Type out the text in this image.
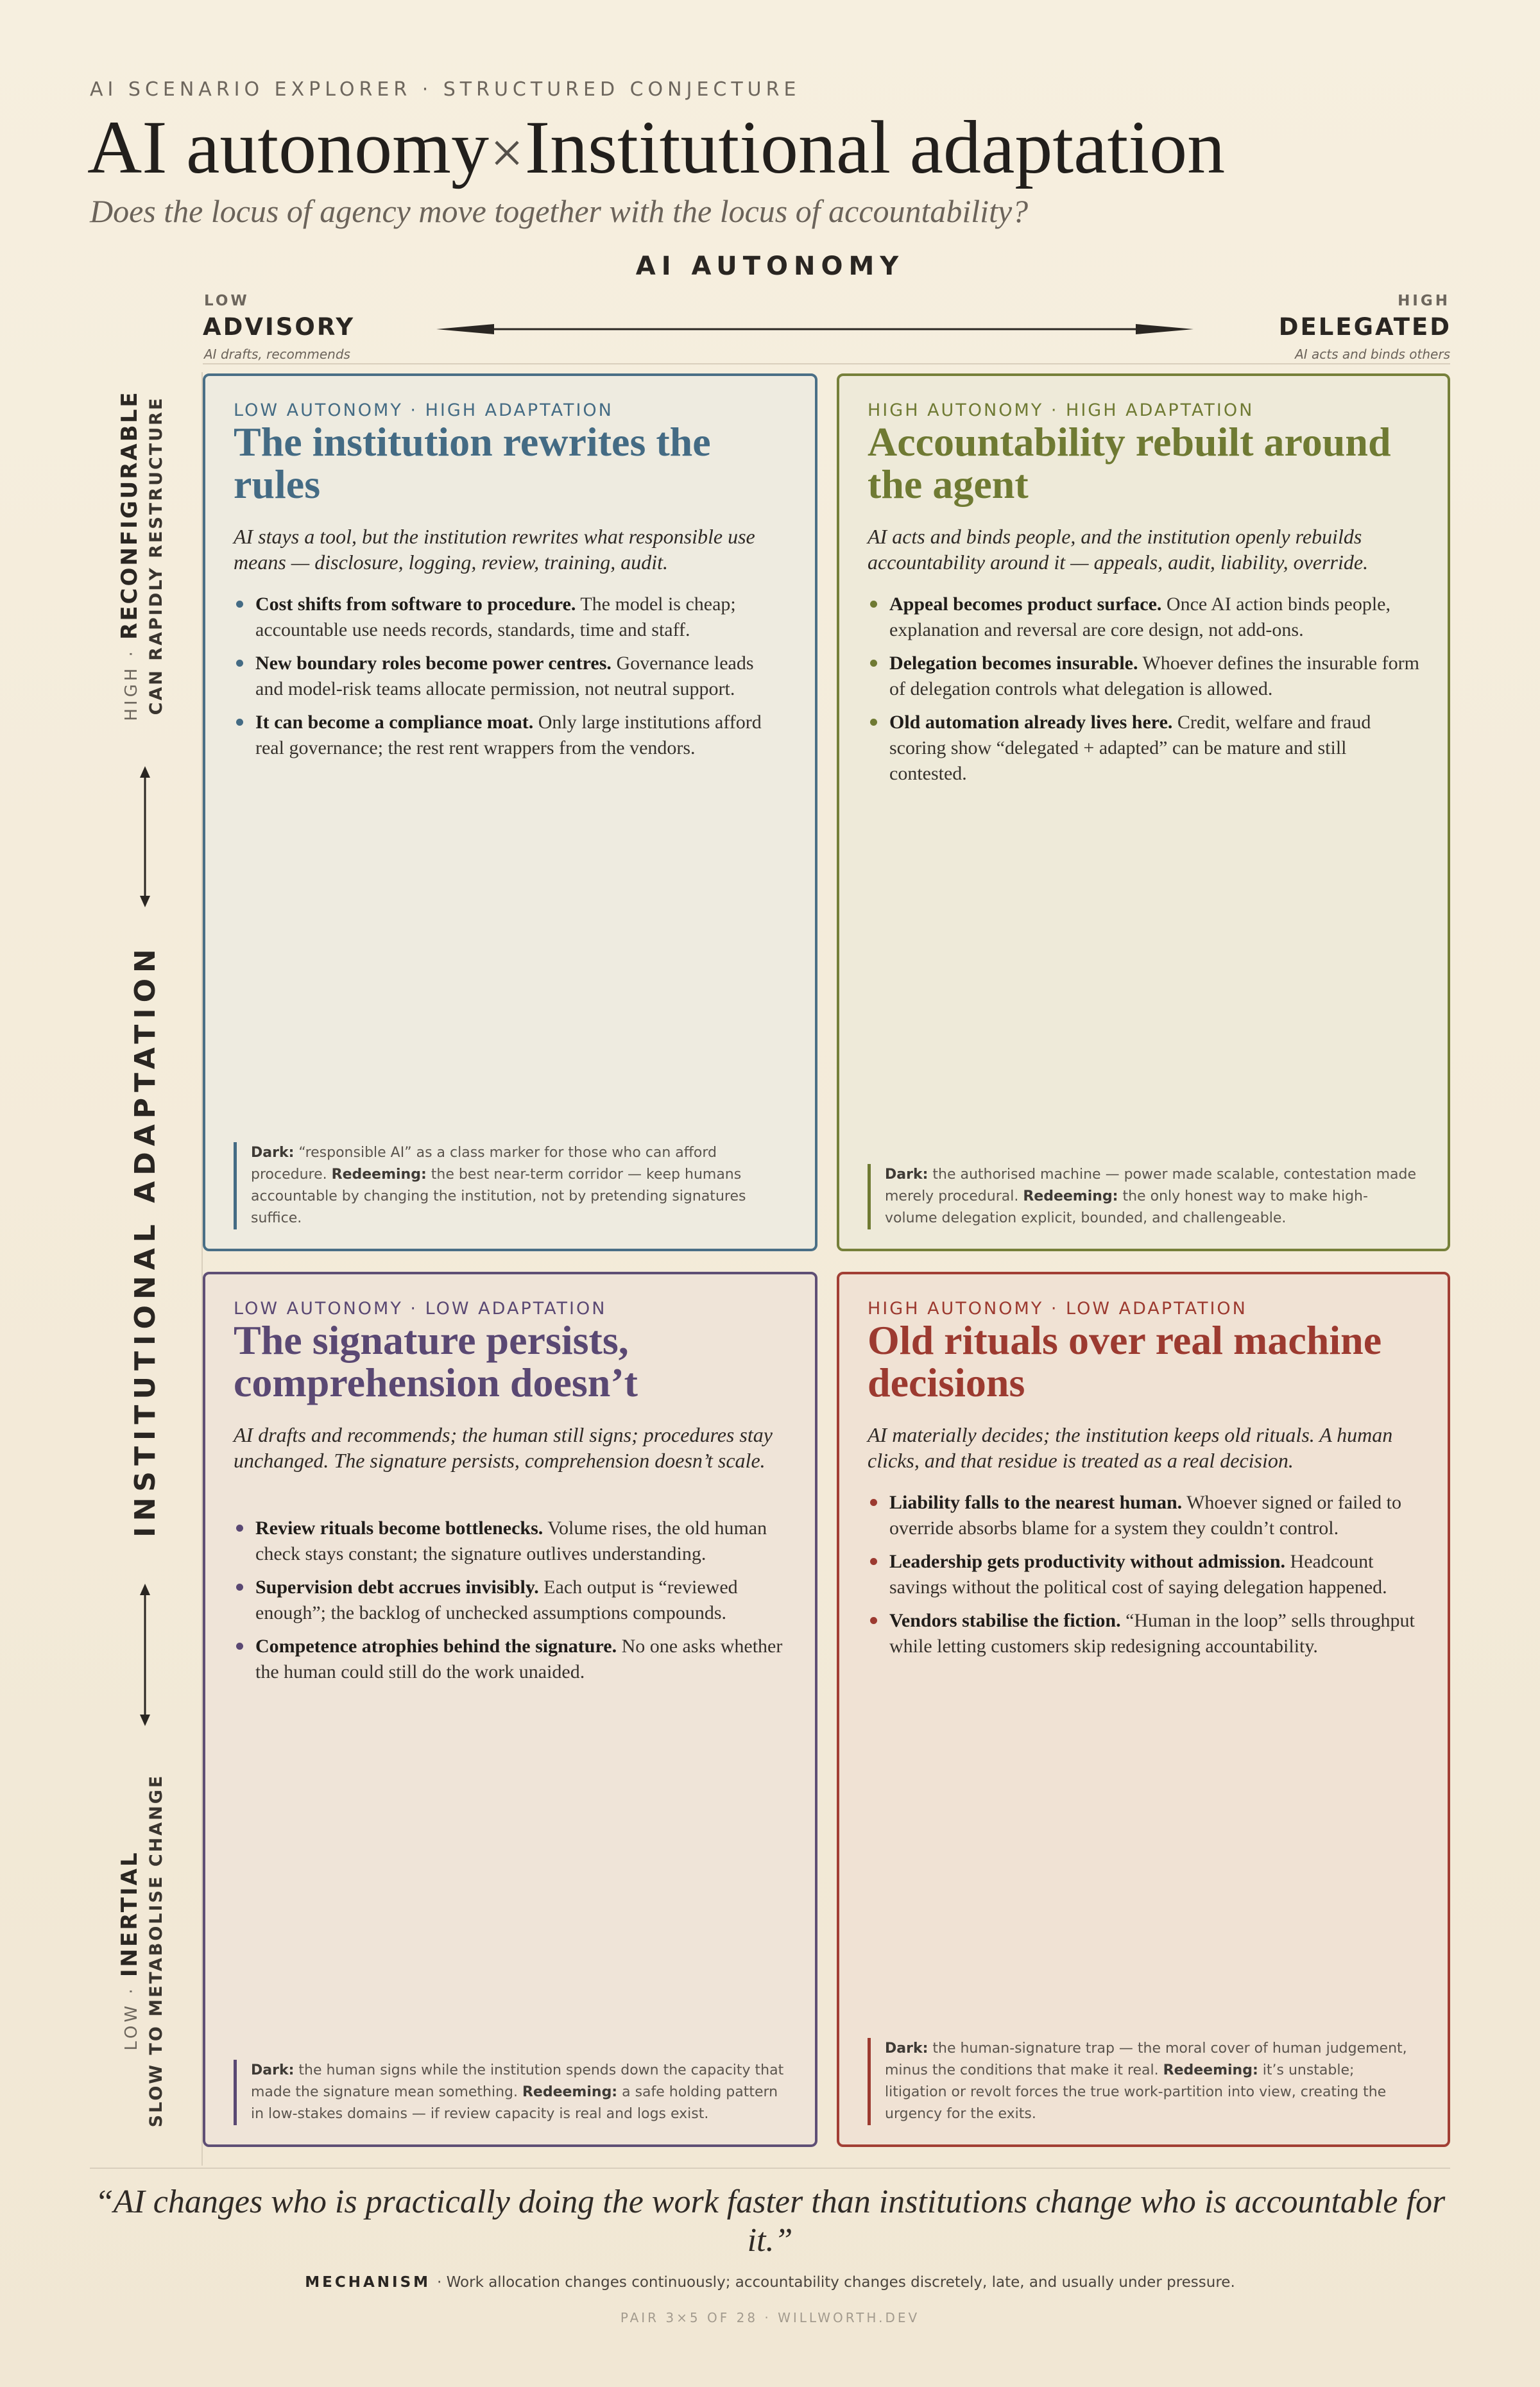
AI SCENARIO EXPLORER · STRUCTURED CONJECTURE
AI autonomy×Institutional adaptation
Does the locus of agency move together with the locus of accountability?
AI AUTONOMY
LOW
ADVISORY
AI drafts, recommends
HIGH
DELEGATED
AI acts and binds others
INSTITUTIONAL ADAPTATION
HIGH · RECONFIGURABLE CAN RAPIDLY RESTRUCTURE
LOW · INERTIAL SLOW TO METABOLISE CHANGE
LOW AUTONOMY · HIGH ADAPTATION
The institution rewrites the rules
AI stays a tool, but the institution rewrites what responsible use means — disclosure, logging, review, training, audit.
Cost shifts from software to procedure. The model is cheap; accountable use needs records, standards, time and staff.
New boundary roles become power centres. Governance leads and model-risk teams allocate permission, not neutral support.
It can become a compliance moat. Only large institutions afford real governance; the rest rent wrappers from the vendors.
Dark: “responsible AI” as a class marker for those who can afford procedure. Redeeming: the best near-term corridor — keep humans accountable by changing the institution, not by pretending signatures suffice.
HIGH AUTONOMY · HIGH ADAPTATION
Accountability rebuilt around the agent
AI acts and binds people, and the institution openly rebuilds accountability around it — appeals, audit, liability, override.
Appeal becomes product surface. Once AI action binds people, explanation and reversal are core design, not add-ons.
Delegation becomes insurable. Whoever defines the insurable form of delegation controls what delegation is allowed.
Old automation already lives here. Credit, welfare and fraud scoring show “delegated + adapted” can be mature and still contested.
Dark: the authorised machine — power made scalable, contestation made merely procedural. Redeeming: the only honest way to make high-volume delegation explicit, bounded, and challengeable.
LOW AUTONOMY · LOW ADAPTATION
The signature persists, comprehension doesn’t
AI drafts and recommends; the human still signs; procedures stay unchanged. The signature persists, comprehension doesn’t scale.
Review rituals become bottlenecks. Volume rises, the old human check stays constant; the signature outlives understanding.
Supervision debt accrues invisibly. Each output is “reviewed enough”; the backlog of unchecked assumptions compounds.
Competence atrophies behind the signature. No one asks whether the human could still do the work unaided.
Dark: the human signs while the institution spends down the capacity that made the signature mean something. Redeeming: a safe holding pattern in low-stakes domains — if review capacity is real and logs exist.
HIGH AUTONOMY · LOW ADAPTATION
Old rituals over real machine decisions
AI materially decides; the institution keeps old rituals. A human clicks, and that residue is treated as a real decision.
Liability falls to the nearest human. Whoever signed or failed to override absorbs blame for a system they couldn’t control.
Leadership gets productivity without admission. Headcount savings without the political cost of saying delegation happened.
Vendors stabilise the fiction. “Human in the loop” sells throughput while letting customers skip redesigning accountability.
Dark: the human-signature trap — the moral cover of human judgement, minus the conditions that make it real. Redeeming: it’s unstable; litigation or revolt forces the true work-partition into view, creating the urgency for the exits.
“AI changes who is practically doing the work faster than institutions change who is accountable for it.”
MECHANISM · Work allocation changes continuously; accountability changes discretely, late, and usually under pressure.
PAIR 3×5 OF 28 · WILLWORTH.DEV
